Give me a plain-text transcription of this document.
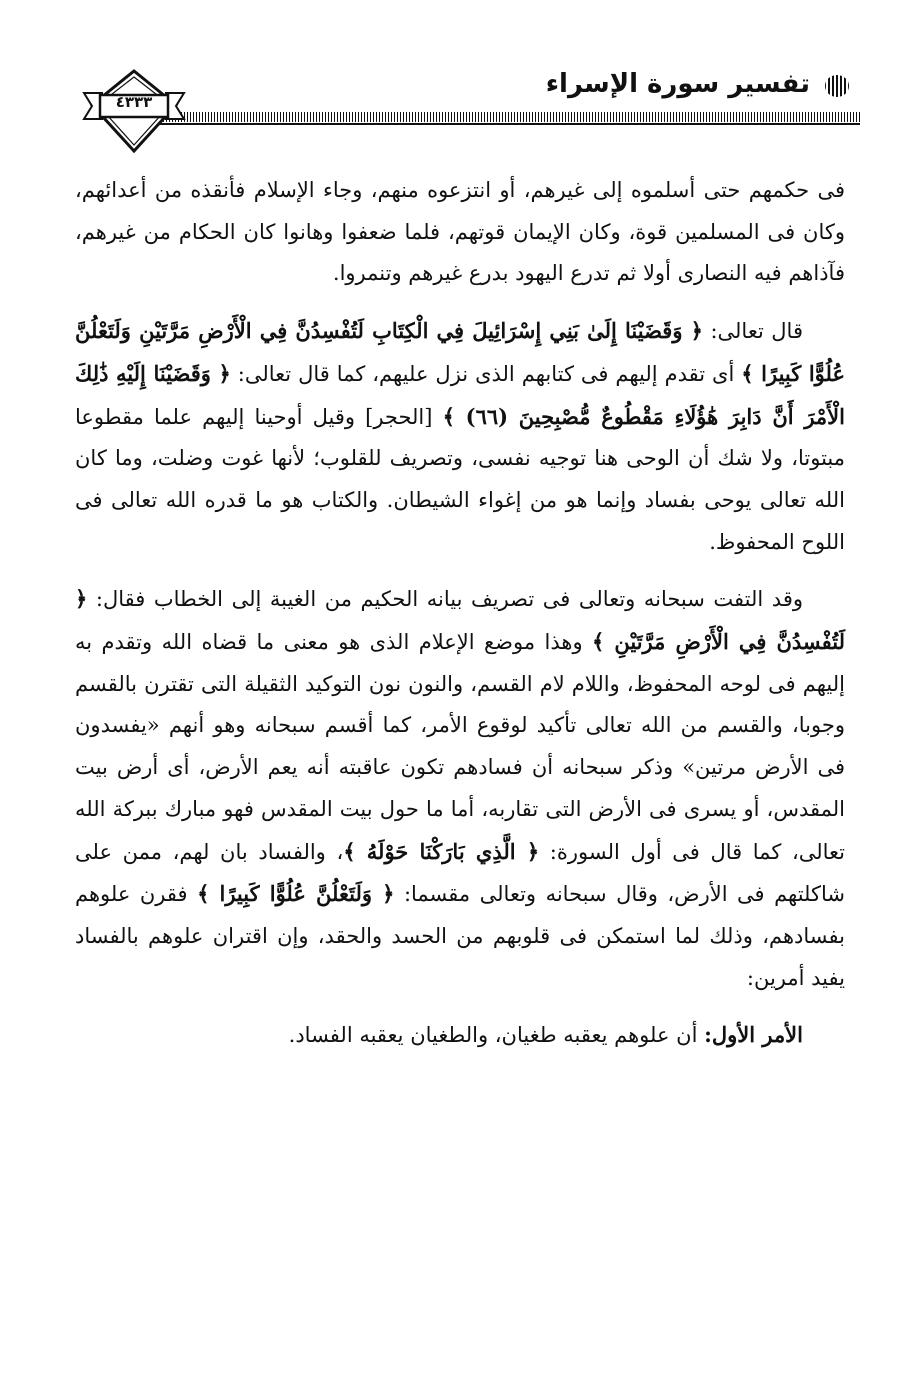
تفسير سورة الإسراء
٤٣٣٣

فى حكمهم حتى أسلموه إلى غيرهم، أو انتزعوه منهم، وجاء الإسلام فأنقذه من أعدائهم، وكان فى المسلمين قوة، وكان الإيمان قوتهم، فلما ضعفوا وهانوا كان الحكام من غيرهم، فآذاهم فيه النصارى أولا ثم تدرع اليهود بدرع غيرهم وتنمروا.

  قال تعالى: ﴿ وَقَضَيْنَا إِلَىٰ بَنِي إِسْرَائِيلَ فِي الْكِتَابِ لَتُفْسِدُنَّ فِي الْأَرْضِ مَرَّتَيْنِ وَلَتَعْلُنَّ عُلُوًّا كَبِيرًا ﴾ أى تقدم إليهم فى كتابهم الذى نزل عليهم، كما قال تعالى: ﴿ وَقَضَيْنَا إِلَيْهِ ذَٰلِكَ الْأَمْرَ أَنَّ دَابِرَ هَٰؤُلَاءِ مَقْطُوعٌ مُّصْبِحِينَ (٦٦) ﴾ [الحجر] وقيل أوحينا إليهم علما مقطوعا مبتوتا، ولا شك أن الوحى هنا توجيه نفسى، وتصريف للقلوب؛ لأنها غوت وضلت، وما كان الله تعالى يوحى بفساد وإنما هو من إغواء الشيطان. والكتاب هو ما قدره الله تعالى فى اللوح المحفوظ.

  وقد التفت سبحانه وتعالى فى تصريف بيانه الحكيم من الغيبة إلى الخطاب فقال: ﴿ لَتُفْسِدُنَّ فِي الْأَرْضِ مَرَّتَيْنِ ﴾ وهذا موضع الإعلام الذى هو معنى ما قضاه الله وتقدم به إليهم فى لوحه المحفوظ، واللام لام القسم، والنون نون التوكيد الثقيلة التى تقترن بالقسم وجوبا، والقسم من الله تعالى تأكيد لوقوع الأمر، كما أقسم سبحانه وهو أنهم «يفسدون فى الأرض مرتين» وذكر سبحانه أن فسادهم تكون عاقبته أنه يعم الأرض، أى أرض بيت المقدس، أو يسرى فى الأرض التى تقاربه، أما ما حول بيت المقدس فهو مبارك ببركة الله تعالى، كما قال فى أول السورة: ﴿ الَّذِي بَارَكْنَا حَوْلَهُ ﴾، والفساد بان لهم، ممن على شاكلتهم فى الأرض، وقال سبحانه وتعالى مقسما: ﴿ وَلَتَعْلُنَّ عُلُوًّا كَبِيرًا ﴾ فقرن علوهم بفسادهم، وذلك لما استمكن فى قلوبهم من الحسد والحقد، وإن اقتران علوهم بالفساد يفيد أمرين:

  الأمر الأول: أن علوهم يعقبه طغيان، والطغيان يعقبه الفساد.
